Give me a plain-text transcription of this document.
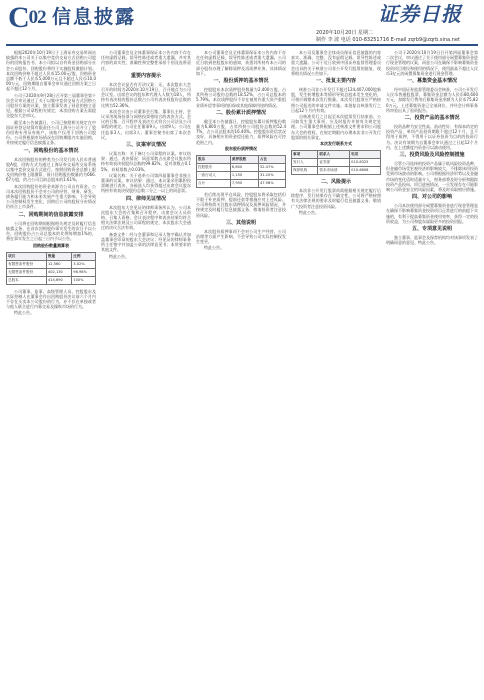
C02 信息披露	证券日报
2020年10月20日 星期二
制作 李 波 电话 010-83251716 E-mail zqrb9@zqrb.sina.net

根据2020年10月19日于上海证券交易所网站披露的本公司关于以集中竞价交易方式回购公司股份的回购报告书，本公司拟以自有资金回购部分社会公众股份，回购股份将用于实施股权激励计划。本次回购价格不超过人民币15.00元/股，回购资金总额不低于人民币5,000万元且不超过人民币10,000万元，回购期限自董事会审议通过回购方案之日起不超过12个月。

公司于2020年9月28日召开第三届董事会第十次会议审议通过了关于以集中竞价交易方式回购公司股份方案的议案，独立董事发表了同意的独立意见。根据公司章程相关规定，本次回购方案无需提交股东大会审议。

截至本公告披露日，公司已按照相关规定在中国证券登记结算有限责任公司上海分公司开立了股份回购专用证券账户，该账户仅用于回购公司股份。公司将根据市场情况在回购期限内实施回购，并按规定履行信息披露义务。

一、回购股份的基本情况

本次回购股份的种类为公司发行的人民币普通股A股，回购方式为通过上海证券交易所交易系统以集中竞价交易方式进行。按照回购资金总额上限及回购价格上限测算，预计回购股份数量约为666.67万股，约占公司目前总股本的1.61%。

本次回购股份的资金来源为公司自有资金。公司本次回购股份不会对公司的经营、财务、研发、债务履行能力和未来发展产生重大影响，不会导致公司控制权发生变化，回购后公司的股权分布情况仍符合上市条件。

二、回购期间的信息披露安排

公司将在回购期间根据相关规定及时履行信息披露义务，在首次回购股份事实发生的次日予以公告，回购股份占公司总股本的比例每增加1%的，将在事实发生之日起三日内予以公告。

回购股份数量测算表
项目	数量	比例
有限售条件股份	12,560	3.02%
无限售条件股份	402,130	96.98%
总股本	414,690	100%

公司董事、监事、高级管理人员、控股股东及实际控制人在董事会作出回购股份决议前六个月内不存在买卖本公司股份的行为，亦不存在单独或者与他人联合进行内幕交易及操纵市场的行为。

特此公告。

公司董事会及全体董事保证本公告内容不存在任何虚假记载、误导性陈述或者重大遗漏，并对其内容的真实性、准确性和完整性承担个别及连带责任。

重要内容提示

本次会议是否有否决议案：无。本次股东大会召开的时间为2020年10月19日，召开地点为公司会议室。出席会议的股东和代理人人数为18人，所持有表决权的股份总数占公司有表决权股份总数的比例为52.36%。

本次会议由公司董事会召集，董事长主持，会议采用现场投票与网络投票相结合的表决方式。会议的召集、召开程序及表决方式符合公司法及公司章程的规定。公司在任董事9人，出席9人；公司在任监事3人，出席3人；董事会秘书出席了本次会议。

三、议案审议情况

议案名称：关于修订公司章程的议案。审议结果：通过。表决情况：同意票数占出席会议股东所持有效表决权股份总数的99.82%，反对票数占0.15%，弃权票数占0.03%。

议案名称：关于选举公司第四届董事会非独立董事的议案。审议结果：通过。本议案采用累积投票制进行表决，各候选人均获得超过出席会议股东所持有效表决权股份总数二分之一以上的同意票。

四、律师见证情况

本次股东大会见证的律师事务所认为，公司本次股东大会的召集和召开程序、出席会议人员资格、召集人资格、会议表决程序和表决结果均符合相关法律法规及公司章程的规定，本次股东大会通过的决议合法有效。

备查文件：经与会董事和记录人签字确认并加盖董事会印章的股东大会决议；经见证的律师事务所主任签字并加盖公章的法律意见书；本所要求的其他文件。

特此公告。

本公司董事会及全体董事保证本公告内容不存在任何虚假记载、误导性陈述或者重大遗漏。公司近日收到控股股东的通知，获悉其所持有本公司的部分股份办理了解除质押及再质押业务，具体情况如下。

一、股份质押的基本情况

控股股东本次质押股份数量为2,400万股，占其所持公司股份总数的18.52%，占公司总股本的5.79%。本次质押股份不存在被用作重大资产重组业绩补偿等事项的担保或其他保障用途的情况。

二、股份累计质押情况

截至本公告披露日，控股股东累计质押股份数量为6,800万股，占其所持公司股份总数的52.47%，占公司总股本的16.40%。控股股东资信状况良好，具备相应的资金偿还能力，质押风险在可控范围之内。

股东股份质押情况
股东	质押股数	占比
控股股东	6,800	52.47%
一致行动人	1,150	31.20%
合计	7,950	47.98%

若后续出现平仓风险，控股股东将采取包括但不限于补充质押、提前还款等措施应对上述风险。公司将持续关注股东质押情况及质押风险情况，并按规定及时履行信息披露义务，敬请投资者注意投资风险。

三、其他说明

本次股份质押事项不会对公司生产经营、公司治理等方面产生影响，不会导致公司实际控制权发生变更。

特此公告。

本公司及董事会全体成员保证信息披露的内容真实、准确、完整，没有虚假记载、误导性陈述或重大遗漏。公司于近日收到中国证券监督管理委员会出具的关于核准公司非公开发行股票的批复，现将相关情况公告如下。

一、批复主要内容

核准公司非公开发行不超过124,407,000股新股，发生转增股本等情形导致总股本发生变化的，可相应调整本次发行数量。本次发行股票应严格按照公司报送的申请文件实施。本批复自核准发行之日起12个月内有效。

自核准发行之日起至本次股票发行结束前，公司如发生重大事项，应及时报告并按有关规定处理。公司董事会将根据上述核准文件要求和公司股东大会的授权，在规定期限内办理本次非公开发行股票的相关事宜。

本次发行联系方式
事项	联系人	电话
发行人	证券部	010-8325
保荐机构	资本市场部	010-6608
二、风险提示

本次非公开发行股票尚需根据相关规定履行后续程序，发行结果存在不确定性。公司将严格按照有关法律法规的要求及时履行信息披露义务，敬请广大投资者注意投资风险。

特此公告。

公司于2020年10月19日召开第四届董事会第二次会议，审议通过了关于使用部分闲置募集资金进行现金管理的议案，同意公司在确保不影响募集资金投资项目建设和使用的情况下，使用最高不超过人民币3亿元的闲置募集资金进行现金管理。

一、募集资金基本情况

经中国证券监督管理委员会核准，公司公开发行人民币普通股股票，募集资金总额为人民币80,600万元，扣除发行费用后募集资金净额为人民币75,820万元。上述募集资金已全部到位，并经会计师事务所审验出具了验资报告。

二、投资产品的基本情况

投资品种为安全性高、流动性好、有保本约定的投资产品，单项产品投资期限不超过12个月，且不得用于质押，不得用于以证券投资为目的的投资行为。决议有效期为自董事会审议通过之日起12个月内，在上述额度内资金可以滚动使用。

三、投资风险及风险控制措施

尽管公司选择的投资产品属于低风险投资品种，但金融市场受宏观经济的影响较大，不排除该项投资受到市场波动的影响。公司将根据经济形势以及金融市场的变化适时适量介入，财务部将及时分析和跟踪投资产品投向、项目进展情况，一旦发现存在可能影响公司资金安全的风险因素，将及时采取相应措施。

四、对公司的影响

公司本次使用部分闲置募集资金进行现金管理是在确保不影响募集资金投资项目正常进行的前提下实施的，有利于提高募集资金使用效率，获得一定的投资收益，为公司和股东谋取更多的投资回报。

五、专项意见说明

独立董事、监事会及保荐机构均对该事项发表了明确同意的意见。特此公告。
